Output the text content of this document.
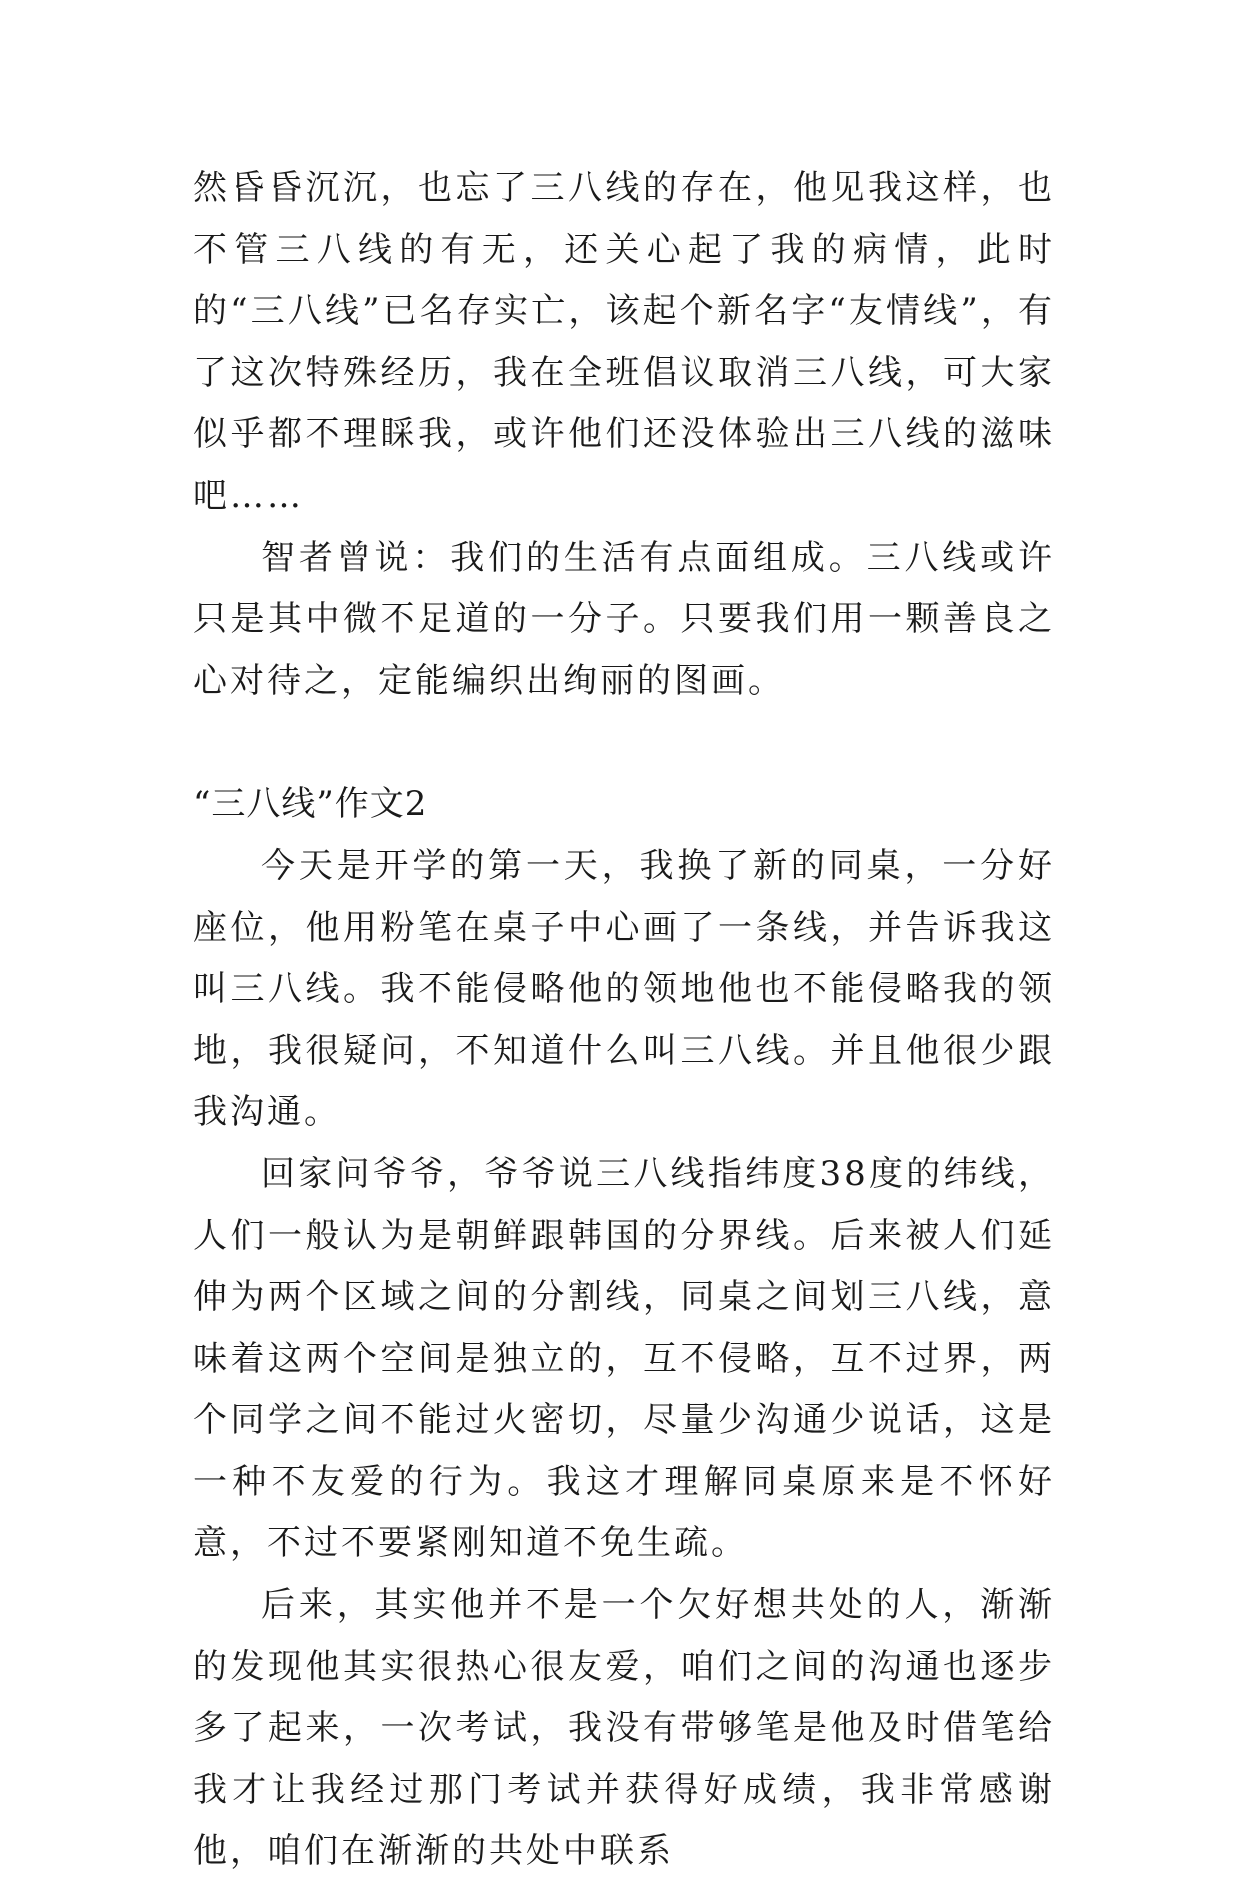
然昏昏沉沉，也忘了三八线的存在，他见我这样，也不管三八线的有无，还关心起了我的病情，此时的“三八线”已名存实亡，该起个新名字“友情线”，有了这次特殊经历，我在全班倡议取消三八线，可大家似乎都不理睬我，或许他们还没体验出三八线的滋味吧……

智者曾说：我们的生活有点面组成。三八线或许只是其中微不足道的一分子。只要我们用一颗善良之心对待之，定能编织出绚丽的图画。

“三八线”作文2

今天是开学的第一天，我换了新的同桌，一分好座位，他用粉笔在桌子中心画了一条线，并告诉我这叫三八线。我不能侵略他的领地他也不能侵略我的领地，我很疑问，不知道什么叫三八线。并且他很少跟我沟通。

回家问爷爷，爷爷说三八线指纬度38度的纬线，人们一般认为是朝鲜跟韩国的分界线。后来被人们延伸为两个区域之间的分割线，同桌之间划三八线，意味着这两个空间是独立的，互不侵略，互不过界，两个同学之间不能过火密切，尽量少沟通少说话，这是一种不友爱的行为。我这才理解同桌原来是不怀好意，不过不要紧刚知道不免生疏。

后来，其实他并不是一个欠好想共处的人，渐渐的发现他其实很热心很友爱，咱们之间的沟通也逐步多了起来，一次考试，我没有带够笔是他及时借笔给我才让我经过那门考试并获得好成绩，我非常感谢他，咱们在渐渐的共处中联系
